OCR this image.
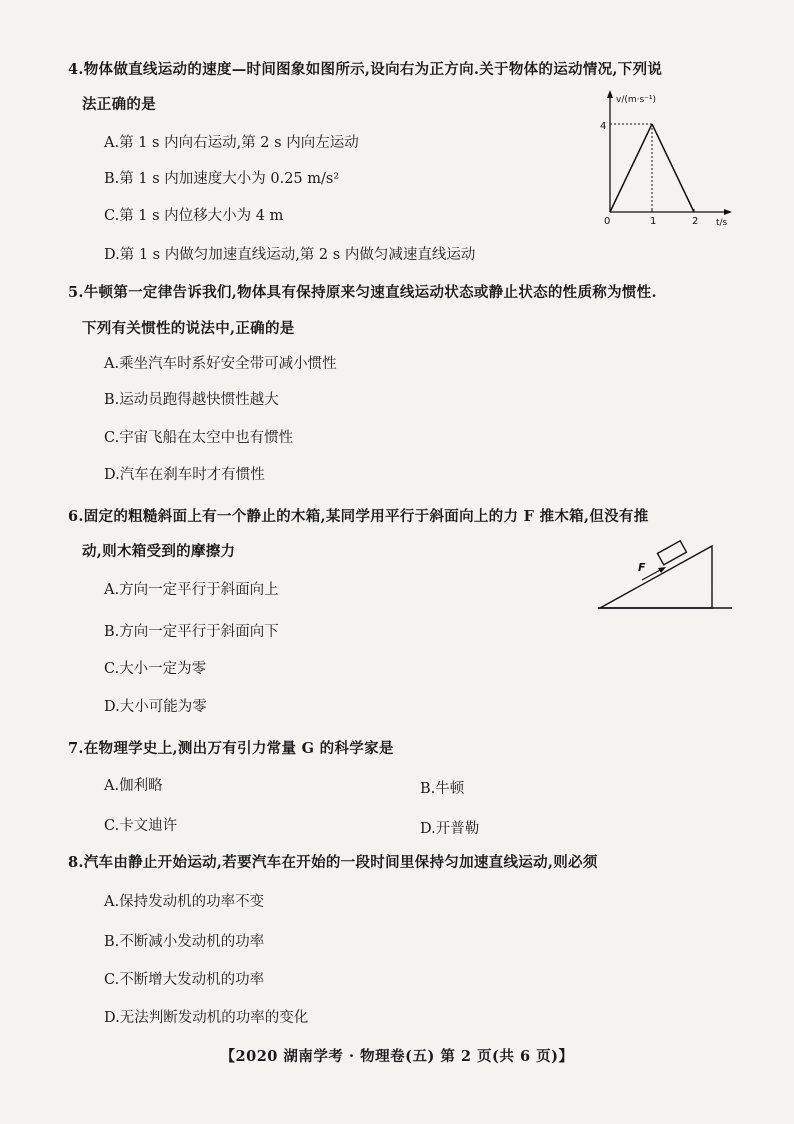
4.物体做直线运动的速度—时间图象如图所示,设向右为正方向.关于物体的运动情况,下列说
法正确的是
A.第 1 s 内向右运动,第 2 s 内向左运动
B.第 1 s 内加速度大小为 0.25 m/s²
C.第 1 s 内位移大小为 4 m
D.第 1 s 内做匀加速直线运动,第 2 s 内做匀减速直线运动
v/(m·s⁻¹)
t/s
0
4
1	2
5.牛顿第一定律告诉我们,物体具有保持原来匀速直线运动状态或静止状态的性质称为惯性.
下列有关惯性的说法中,正确的是
A.乘坐汽车时系好安全带可减小惯性
B.运动员跑得越快惯性越大
C.宇宙飞船在太空中也有惯性
D.汽车在刹车时才有惯性
6.固定的粗糙斜面上有一个静止的木箱,某同学用平行于斜面向上的力 F 推木箱,但没有推
动,则木箱受到的摩擦力
A.方向一定平行于斜面向上
B.方向一定平行于斜面向下
C.大小一定为零
D.大小可能为零
F
7.在物理学史上,测出万有引力常量 G 的科学家是
A.伽利略	B.牛顿
C.卡文迪许	D.开普勒
8.汽车由静止开始运动,若要汽车在开始的一段时间里保持匀加速直线运动,则必须
A.保持发动机的功率不变
B.不断减小发动机的功率
C.不断增大发动机的功率
D.无法判断发动机的功率的变化
【2020 湖南学考 · 物理卷(五) 第 2 页(共 6 页)】
